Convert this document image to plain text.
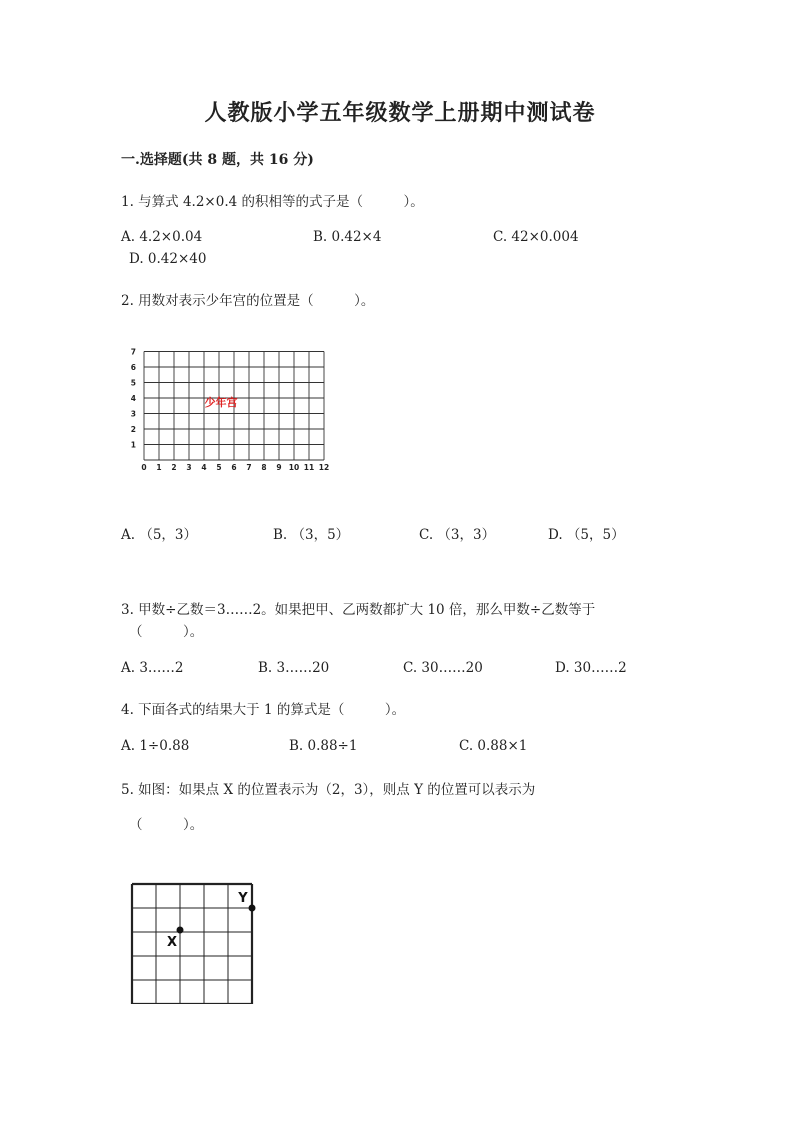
人教版小学五年级数学上册期中测试卷
一.选择题(共 8 题，共 16 分)
1. 与算式 4.2×0.4 的积相等的式子是（　　　）。
A. 4.2×0.04	B. 0.42×4	C. 42×0.004
D. 0.42×40
2. 用数对表示少年宫的位置是（　　　）。
0 1 2 3 4 5 6 7 8 9 10 11 12
1
2
3
4
5
6
7
少年宫
A. （5，3）	B. （3，5）	C. （3，3）	D. （5，5）
3. 甲数÷乙数＝3……2。如果把甲、乙两数都扩大 10 倍，那么甲数÷乙数等于
（　　　）。
A. 3……2	B. 3……20	C. 30……20	D. 30……2
4. 下面各式的结果大于 1 的算式是（　　　）。
A. 1÷0.88	B. 0.88÷1	C. 0.88×1
5. 如图：如果点 X 的位置表示为（2，3），则点 Y 的位置可以表示为
（　　　）。
X
Y
